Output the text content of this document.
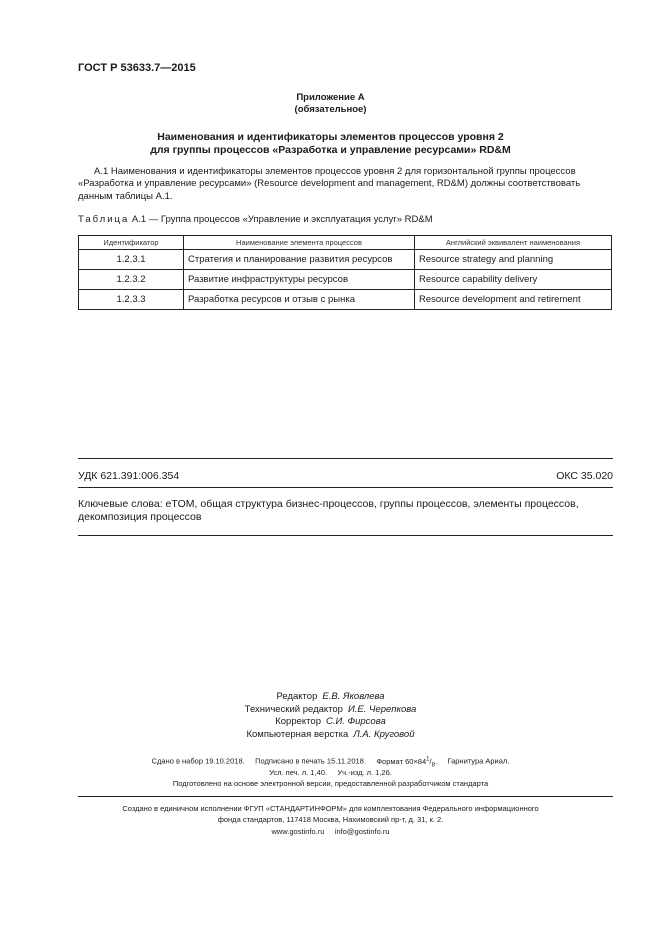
ГОСТ Р 53633.7—2015
Приложение А
(обязательное)
Наименования и идентификаторы элементов процессов уровня 2
для группы процессов «Разработка и управление ресурсами» RD&M
А.1 Наименования и идентификаторы элементов процессов уровня 2 для горизонтальной группы процессов «Разработка и управление ресурсами» (Resource development and management, RD&M) должны соответствовать данным таблицы А.1.
Таблица А.1 — Группа процессов «Управление и эксплуатация услуг» RD&M
Идентификатор	Наименование элемента процессов	Английский эквивалент наименования
1.2.3.1	Стратегия и планирование развития ресурсов	Resource strategy and planning
1.2.3.2	Развитие инфраструктуры ресурсов	Resource capability delivery
1.2.3.3	Разработка ресурсов и отзыв с рынка	Resource development and retirement
УДК 621.391:006.354	ОКС 35.020
Ключевые слова: eTOM, общая структура бизнес-процессов, группы процессов, элементы процессов, декомпозиция процессов
Редактор Е.В. Яковлева
Технический редактор И.Е. Черепкова
Корректор С.И. Фирсова
Компьютерная верстка Л.А. Круговой
Сдано в набор 19.10.2018. Подписано в печать 15.11.2018. Формат $60\times 84^1/_8$. Гарнитура Ариал.
Усл. печ. л. 1,40. Уч.-изд. л. 1,26.
Подготовлено на основе электронной версии, предоставленной разработчиком стандарта
Создано в единичном исполнении ФГУП «СТАНДАРТИНФОРМ» для комплектования Федерального информационного
фонда стандартов, 117418 Москва, Нахимовский пр-т, д. 31, к. 2.
www.gostinfo.ru info@gostinfo.ru
